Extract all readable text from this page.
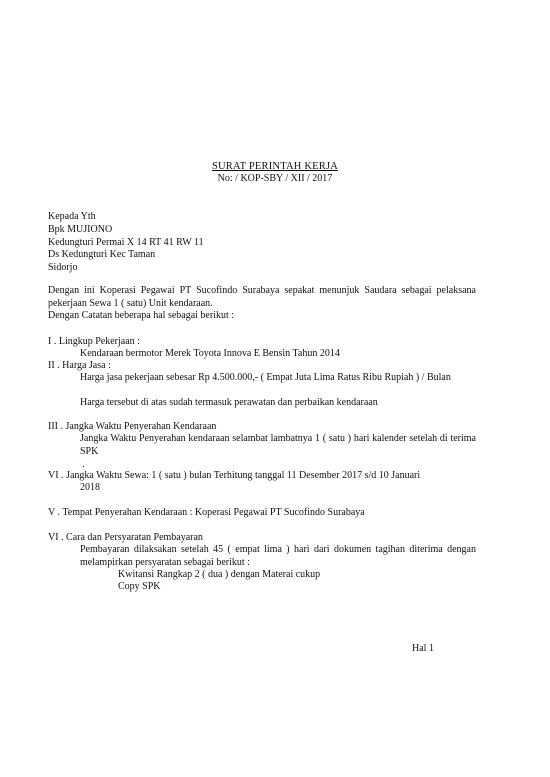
SURAT PERINTAH KERJA
No: / KOP-SBY / XII / 2017
Kepada Yth
Bpk MUJIONO
Kedungturi Permai X 14 RT 41 RW 11
Ds Kedungturi Kec Taman
Sidorjo
Dengan ini Koperasi Pegawai PT Sucofindo Surabaya sepakat menunjuk Saudara sebagai pelaksana pekerjaan Sewa 1 ( satu) Unit kendaraan.
Dengan Catatan beberapa hal sebagai berikut :
I . Lingkup Pekerjaan :
Kendaraan bermotor Merek Toyota Innova E Bensin Tahun 2014
II . Harga Jasa :
Harga jasa pekerjaan sebesar Rp 4.500.000,- ( Empat Juta Lima Ratus Ribu Rupiah ) / Bulan
Harga tersebut di atas sudah termasuk perawatan dan perbaikan kendaraan
III . Jangka Waktu Penyerahan Kendaraan
Jangka Waktu Penyerahan kendaraan selambat lambatnya 1 ( satu ) hari kalender setelah di terima SPK
.
VI . Jangka Waktu Sewa: 1 ( satu ) bulan Terhitung tanggal 11 Desember 2017 s/d 10 Januari
2018
V . Tempat Penyerahan Kendaraan : Koperasi Pegawai PT Sucofindo Surabaya
VI . Cara dan Persyaratan Pembayaran
Pembayaran dilaksakan setelah 45 ( empat lima ) hari dari dokumen tagihan diterima dengan melampirkan persyaratan sebagai berikut :
Kwitansi Rangkap 2 ( dua ) dengan Materai cukup
Copy SPK
Hal 1
